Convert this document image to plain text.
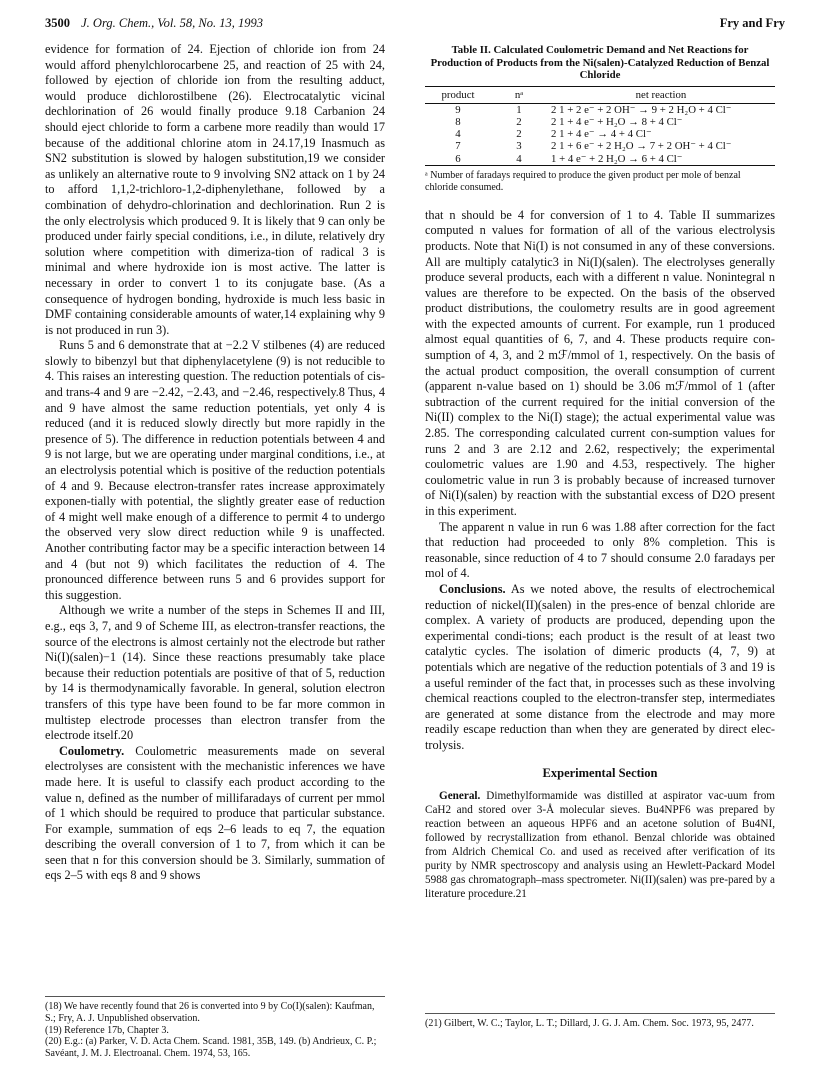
3500 J. Org. Chem., Vol. 58, No. 13, 1993	Fry and Fry

evidence for formation of 24. Ejection of chloride ion from 24 would afford phenylchlorocarbene 25, and reaction of 25 with 24, followed by ejection of chloride ion from the resulting adduct, would produce dichlorostilbene (26). Electrocatalytic vicinal dechlorination of 26 would finally produce 9.18 Carbanion 24 should eject chloride to form a carbene more readily than would 17 because of the additional chlorine atom in 24.17,19 Inasmuch as SN2 substitution is slowed by halogen substitution,19 we consider as unlikely an alternative route to 9 involving SN2 attack on 1 by 24 to afford 1,1,2-trichloro-1,2-diphenylethane, followed by a combination of dehydro-chlorination and dechlorination. Run 2 is the only electrolysis which produced 9. It is likely that 9 can only be produced under fairly special conditions, i.e., in dilute, relatively dry solution where competition with dimeriza-tion of radical 3 is minimal and where hydroxide ion is most active. The latter is necessary in order to convert 1 to its conjugate base. (As a consequence of hydrogen bonding, hydroxide is much less basic in DMF containing considerable amounts of water,14 explaining why 9 is not produced in run 3).

Runs 5 and 6 demonstrate that at −2.2 V stilbenes (4) are reduced slowly to bibenzyl but that diphenylacetylene (9) is not reducible to 4. This raises an interesting question. The reduction potentials of cis- and trans-4 and 9 are −2.42, −2.43, and −2.46, respectively.8 Thus, 4 and 9 have almost the same reduction potentials, yet only 4 is reduced (and it is reduced slowly directly but more rapidly in the presence of 5). The difference in reduction potentials between 4 and 9 is not large, but we are operating under marginal conditions, i.e., at an electrolysis potential which is positive of the reduction potentials of 4 and 9. Because electron-transfer rates increase approximately exponen-tially with potential, the slightly greater ease of reduction of 4 might well make enough of a difference to permit 4 to undergo the observed very slow direct reduction while 9 is unaffected. Another contributing factor may be a specific interaction between 14 and 4 (but not 9) which facilitates the reduction of 4. The pronounced difference between runs 5 and 6 provides support for this suggestion.

Although we write a number of the steps in Schemes II and III, e.g., eqs 3, 7, and 9 of Scheme III, as electron-transfer reactions, the source of the electrons is almost certainly not the electrode but rather Ni(I)(salen)−1 (14). Since these reactions presumably take place because their reduction potentials are positive of that of 5, reduction by 14 is thermodynamically favorable. In general, solution electron transfers of this type have been found to be far more common in multistep electrode processes than electron transfer from the electrode itself.20

Coulometry. Coulometric measurements made on several electrolyses are consistent with the mechanistic inferences we have made here. It is useful to classify each product according to the value n, defined as the number of millifaradays of current per mmol of 1 which should be required to produce that particular substance. For example, summation of eqs 2–6 leads to eq 7, the equation describing the overall conversion of 1 to 7, from which it can be seen that n for this conversion should be 3. Similarly, summation of eqs 2–5 with eqs 8 and 9 shows

(18) We have recently found that 26 is converted into 9 by Co(I)(salen): Kaufman, S.; Fry, A. J. Unpublished observation.

(19) Reference 17b, Chapter 3.

(20) E.g.: (a) Parker, V. D. Acta Chem. Scand. 1981, 35B, 149. (b) Andrieux, C. P.; Savéant, J. M. J. Electroanal. Chem. 1974, 53, 165.

Table II. Calculated Coulometric Demand and Net Reactions for Production of Products from the Ni(salen)-Catalyzed Reduction of Benzal Chloride
product	nᵃ	net reaction
9	1	2 1 + 2 e⁻ + 2 OH⁻ → 9 + 2 H₂O + 4 Cl⁻
8	2	2 1 + 4 e⁻ + H₂O → 8 + 4 Cl⁻
4	2	2 1 + 4 e⁻ → 4 + 4 Cl⁻
7	3	2 1 + 6 e⁻ + 2 H₂O → 7 + 2 OH⁻ + 4 Cl⁻
6	4	1 + 4 e⁻ + 2 H₂O → 6 + 4 Cl⁻
ᵃ Number of faradays required to produce the given product per mole of benzal chloride consumed.

that n should be 4 for conversion of 1 to 4. Table II summarizes computed n values for formation of all of the various electrolysis products. Note that Ni(I) is not consumed in any of these conversions. All are multiply catalytic3 in Ni(I)(salen). The electrolyses generally produce several products, each with a different n value. Nonintegral n values are therefore to be expected. On the basis of the observed product distributions, the coulometry results are in good agreement with the expected amounts of current. For example, run 1 produced almost equal quantities of 6, 7, and 4. These products require con-sumption of 4, 3, and 2 mℱ/mmol of 1, respectively. On the basis of the actual product composition, the overall consumption of current (apparent n-value based on 1) should be 3.06 mℱ/mmol of 1 (after subtraction of the current required for the initial conversion of the Ni(II) complex to the Ni(I) stage); the actual experimental value was 2.85. The corresponding calculated current con-sumption values for runs 2 and 3 are 2.12 and 2.62, respectively; the experimental coulometric values are 1.90 and 4.53, respectively. The higher coulometric value in run 3 is probably because of increased turnover of Ni(I)(salen) by reaction with the substantial excess of D2O present in this experiment.

The apparent n value in run 6 was 1.88 after correction for the fact that reduction had proceeded to only 8% completion. This is reasonable, since reduction of 4 to 7 should consume 2.0 faradays per mol of 4.

Conclusions. As we noted above, the results of electrochemical reduction of nickel(II)(salen) in the pres-ence of benzal chloride are complex. A variety of products are produced, depending upon the experimental condi-tions; each product is the result of at least two catalytic cycles. The isolation of dimeric products (4, 7, 9) at potentials which are negative of the reduction potentials of 3 and 19 is a useful reminder of the fact that, in processes such as these involving chemical reactions coupled to the electron-transfer step, intermediates are generated at some distance from the electrode and may more readily escape reduction than when they are generated by direct elec-trolysis.

Experimental Section

General. Dimethylformamide was distilled at aspirator vac-uum from CaH2 and stored over 3-Å molecular sieves. Bu4NPF6 was prepared by reaction between an aqueous HPF6 and an acetone solution of Bu4NI, followed by recrystallization from ethanol. Benzal chloride was obtained from Aldrich Chemical Co. and used as received after verification of its purity by NMR spectroscopy and analysis using an Hewlett-Packard Model 5988 gas chromatograph–mass spectrometer. Ni(II)(salen) was pre-pared by a literature procedure.21

(21) Gilbert, W. C.; Taylor, L. T.; Dillard, J. G. J. Am. Chem. Soc. 1973, 95, 2477.
